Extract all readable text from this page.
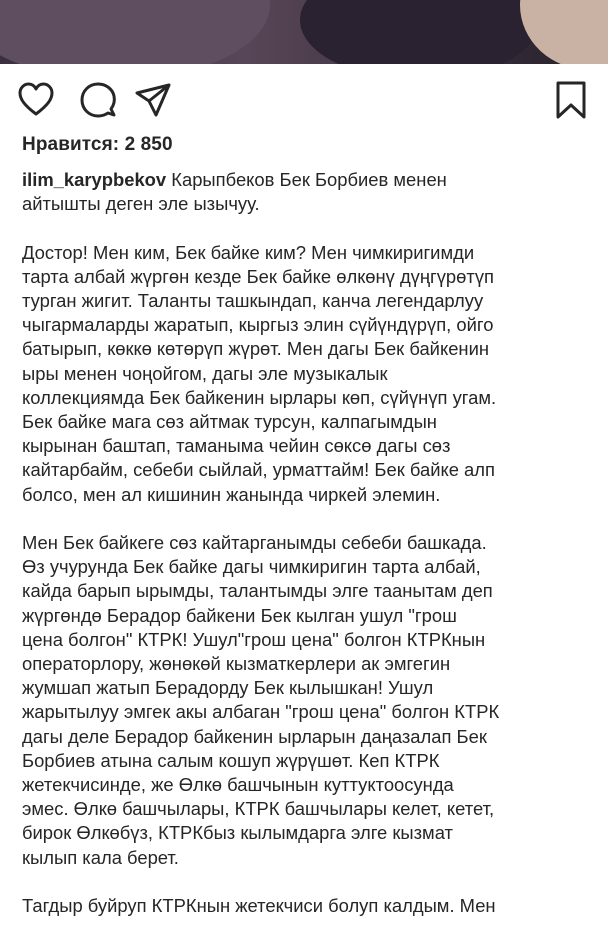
Нравится: 2 850

ilim_karypbekov Карыпбеков Бек Борбиев менен
айтышты деген эле ызычуу.

Достор! Мен ким, Бек байке ким? Мен чимкиригимди
тарта албай жүргөн кезде Бек байке өлкөнү дүңгүрөтүп
турган жигит. Таланты ташкындап, канча легендарлуу
чыгармаларды жаратып, кыргыз элин сүйүндүрүп, ойго
батырып, көккө көтөрүп жүрөт. Мен дагы Бек байкенин
ыры менен чоңойгом, дагы эле музыкалык
коллекциямда Бек байкенин ырлары көп, сүйүнүп угам.
Бек байке мага сөз айтмак турсун, калпагымдын
кырынан баштап, таманыма чейин сөксө дагы сөз
кайтарбайм, себеби сыйлай, урматтайм! Бек байке алп
болсо, мен ал кишинин жанында чиркей элемин.

Мен Бек байкеге сөз кайтарганымды себеби башкада.
Өз учурунда Бек байке дагы чимкиригин тарта албай,
кайда барып ырымды, талантымды элге таанытам деп
жүргөндө Берадор байкени Бек кылган ушул "грош
цена болгон" КТРК! Ушул"грош цена" болгон КТРКнын
операторлору, жөнөкөй кызматкерлери ак эмгегин
жумшап жатып Берадорду Бек кылышкан! Ушул
жарытылуу эмгек акы албаган "грош цена" болгон КТРК
дагы деле Берадор байкенин ырларын даңазалап Бек
Борбиев атына салым кошуп жүрүшөт. Кеп КТРК
жетекчисинде, же Өлкө башчынын куттуктоосунда
эмес. Өлкө башчылары, КТРК башчылары келет, кетет,
бирок Өлкөбүз, КТРКбыз кылымдарга элге кызмат
кылып кала берет.

Тагдыр буйруп КТРКнын жетекчиси болуп калдым. Мен
